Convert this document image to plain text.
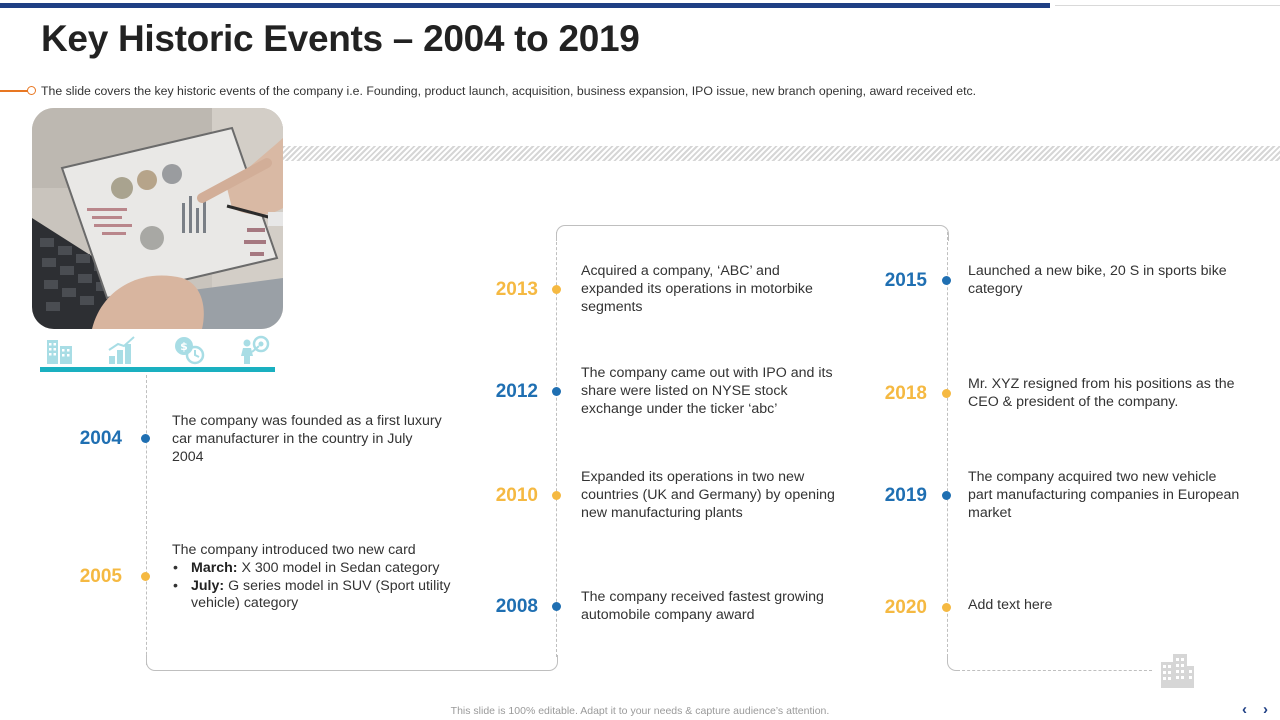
Key Historic Events – 2004 to 2019
The slide covers the key historic events of the company i.e. Founding, product launch, acquisition, business expansion, IPO issue, new branch opening, award received etc.
$
2004
The company was founded as a first luxury car manufacturer in the country in July 2004
2005
The company introduced two new card
• March: X 300 model in Sedan category
• July: G series model in SUV (Sport utility vehicle) category
2013
Acquired a company, ‘ABC’ and expanded its operations in motorbike segments
2012
The company came out with IPO and its share were listed on NYSE stock exchange under the ticker ‘abc’
2010
Expanded its operations in two new countries (UK and Germany) by opening new manufacturing plants
2008	The company received fastest growing automobile company award
2015	Launched a new bike, 20 S in sports bike category
2018	Mr. XYZ resigned from his positions as the CEO & president of the company.
2019
The company acquired two new vehicle part manufacturing companies in European market
2020	Add text here
This slide is 100% editable. Adapt it to your needs & capture audience’s attention.	‹ ›
